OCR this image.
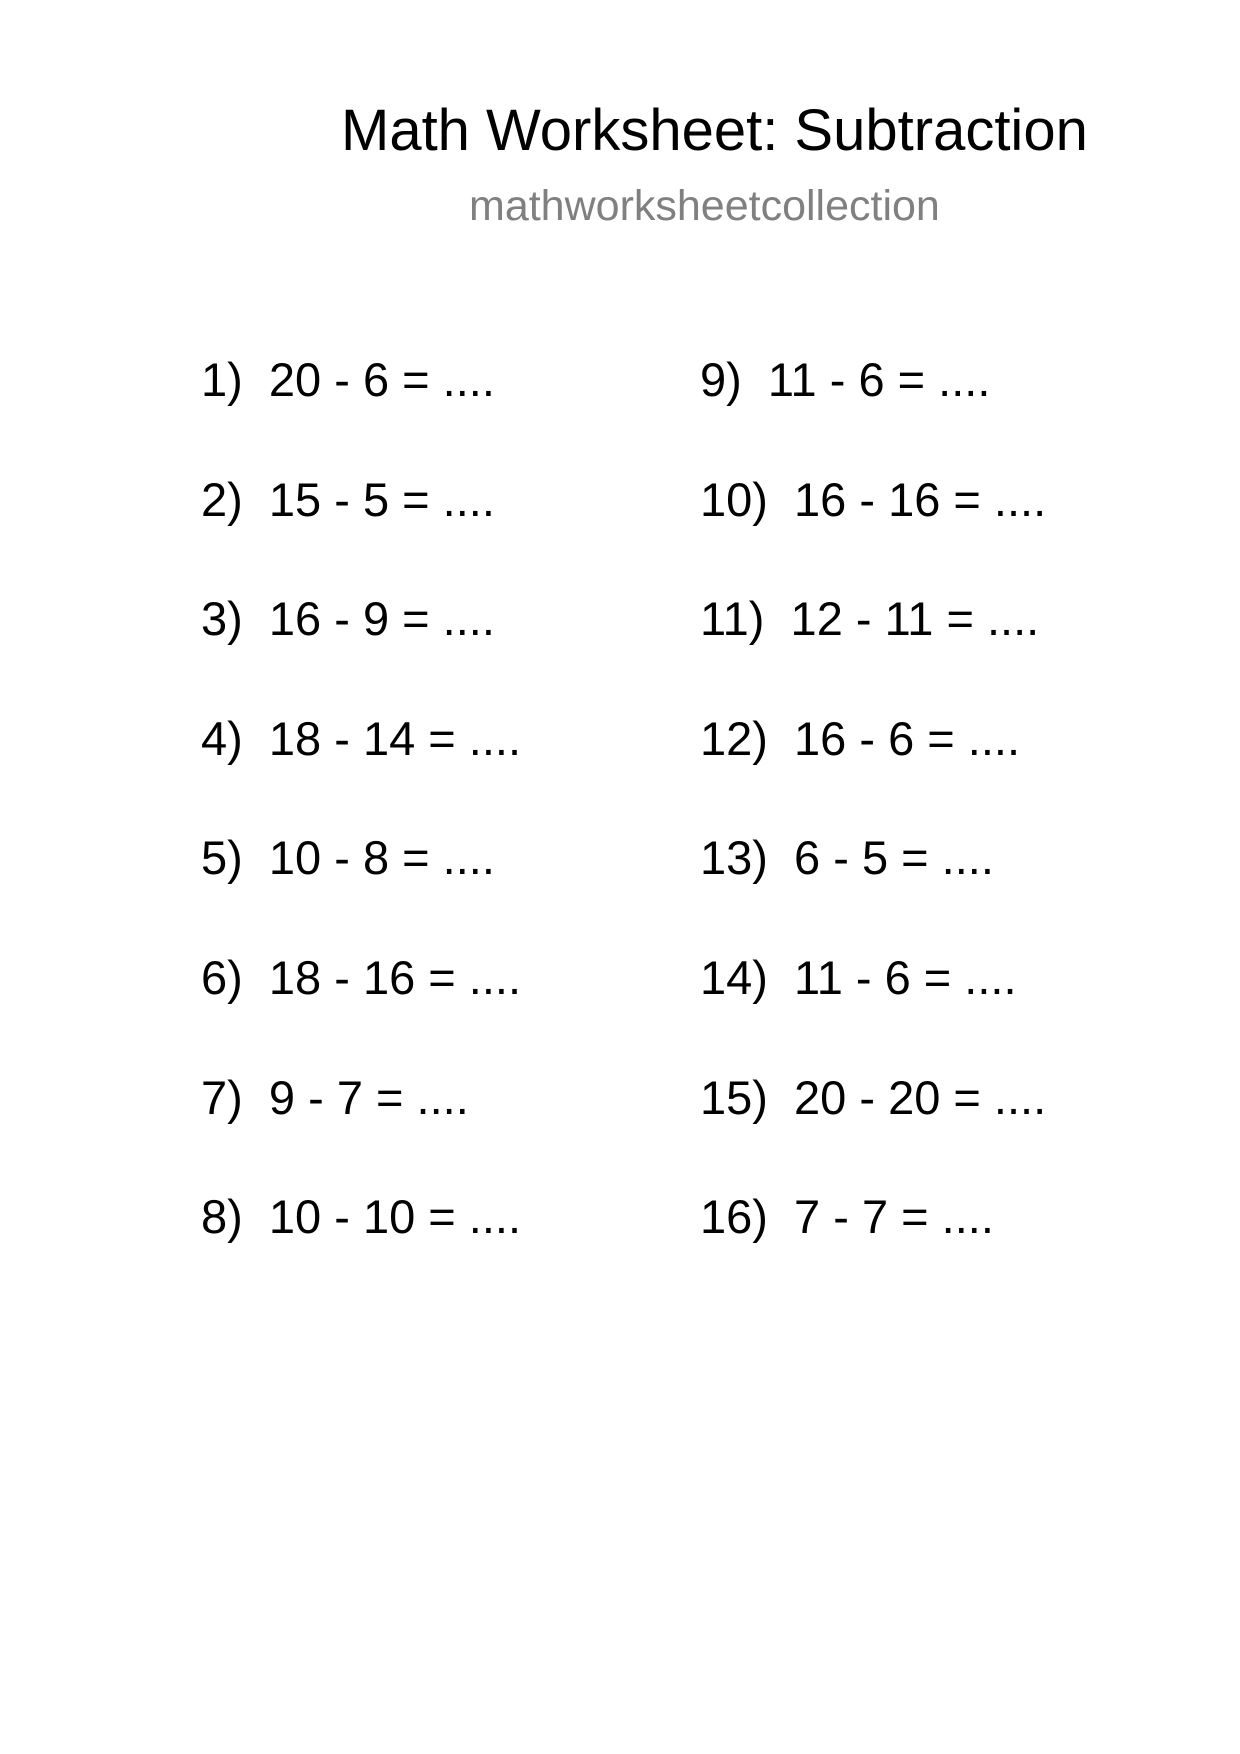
Math Worksheet: Subtraction
mathworksheetcollection
1)  20 - 6 = ....
2)  15 - 5 = ....
3)  16 - 9 = ....
4)  18 - 14 = ....
5)  10 - 8 = ....
6)  18 - 16 = ....
7)  9 - 7 = ....
8)  10 - 10 = ....
9)  11 - 6 = ....
10)  16 - 16 = ....
11)  12 - 11 = ....
12)  16 - 6 = ....
13)  6 - 5 = ....
14)  11 - 6 = ....
15)  20 - 20 = ....
16)  7 - 7 = ....
